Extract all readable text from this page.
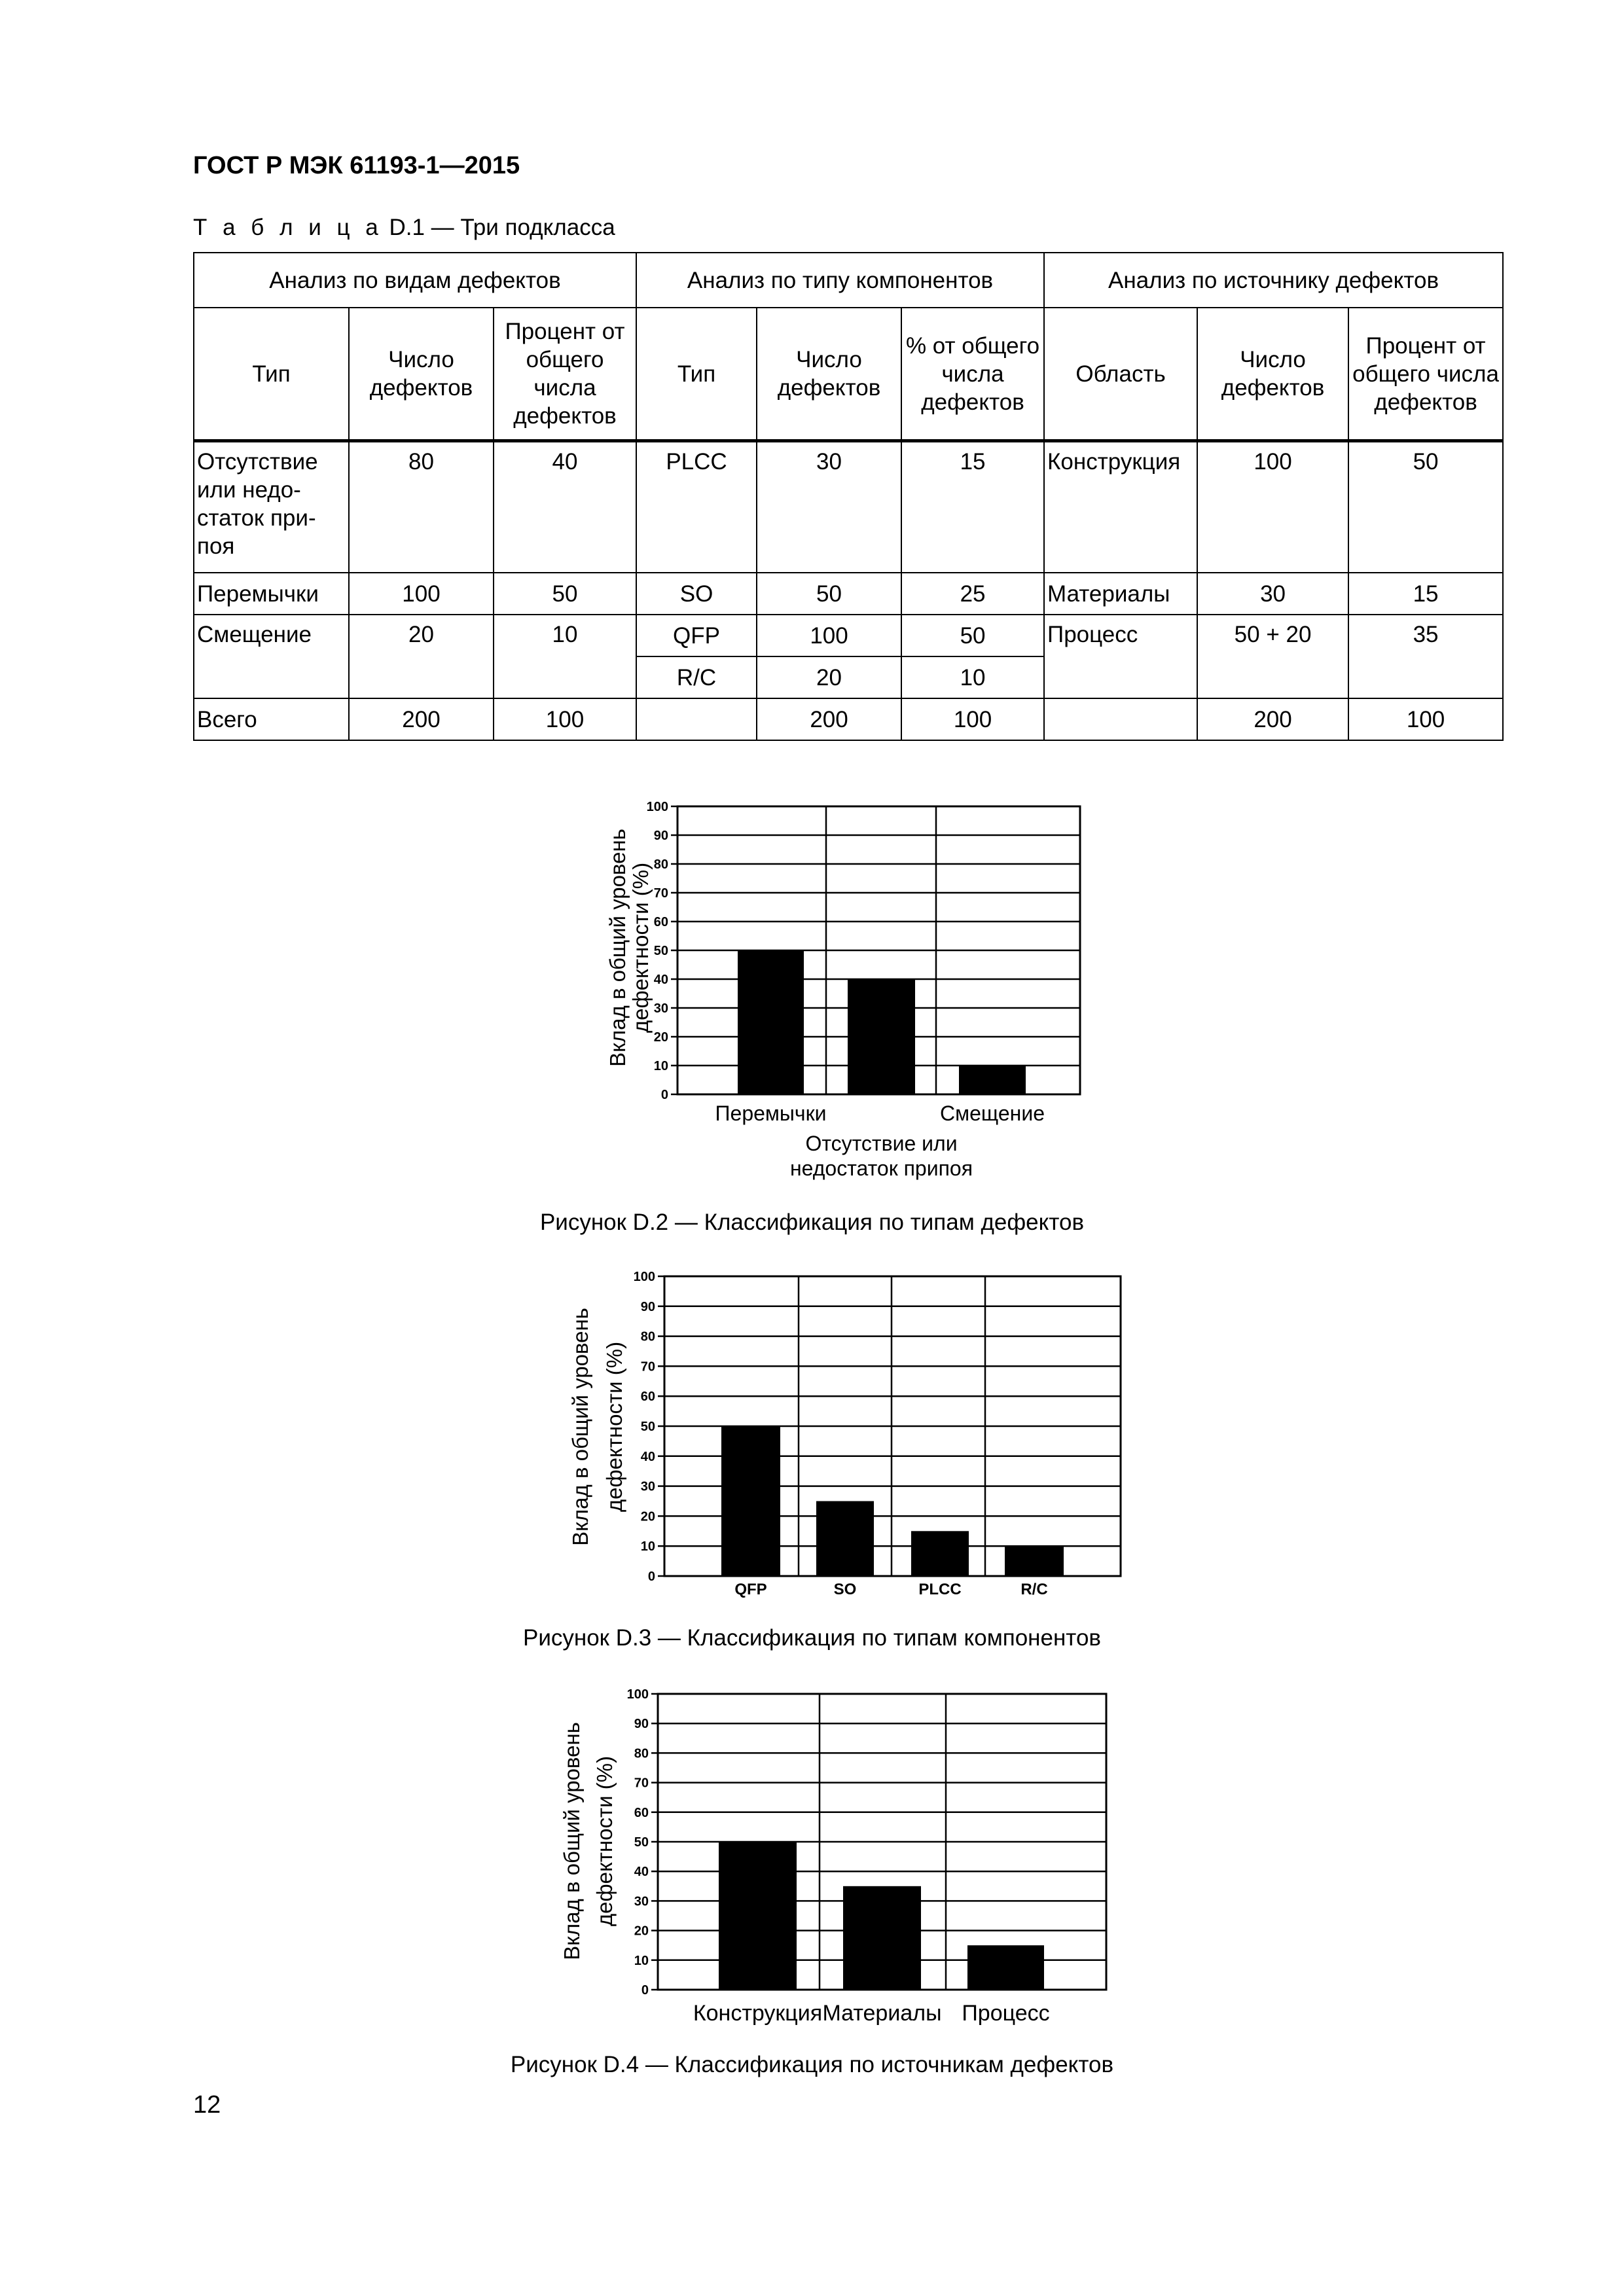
ГОСТ Р МЭК 61193-1—2015
Т а б л и ц а D.1 — Три подкласса
Анализ по видам дефектов			Анализ по типу компонентов			Анализ по источнику дефектов		
Тип	Число дефектов	Процент от общего числа дефектов	Тип	Число дефектов	% от общего числа дефектов	Область	Число дефектов	Процент от общего числа дефектов
Отсутствие или недо-статок при-поя	80	40	PLCC	30	15	Конструкция	100	50
Перемычки	100	50	SO	50	25	Материалы	30	15
Смещение	20	10	QFP	100	50	Процесс	50 + 20	35
			R/C	20	10			
Всего	200	100		200	100		200	100
0
10
20
30
40
50
60
70
80
90
100
Перемычки
Отсутствие или недостаток припоя
Смещение
Вклад в общий уровень
дефектности (%)
Рисунок D.2 — Классификация по типам дефектов
0
10
20
30
40
50
60
70
80
90
100
QFP	SO	PLCC	R/C
Вклад в общий уровень дефектности (%)
Рисунок D.3 — Классификация по типам компонентов
0
10
20
30
40
50
60
70
80
90
100
Конструкция Материалы Процесс
Вклад в общий уровень дефектности (%)
Рисунок D.4 — Классификация по источникам дефектов
12
